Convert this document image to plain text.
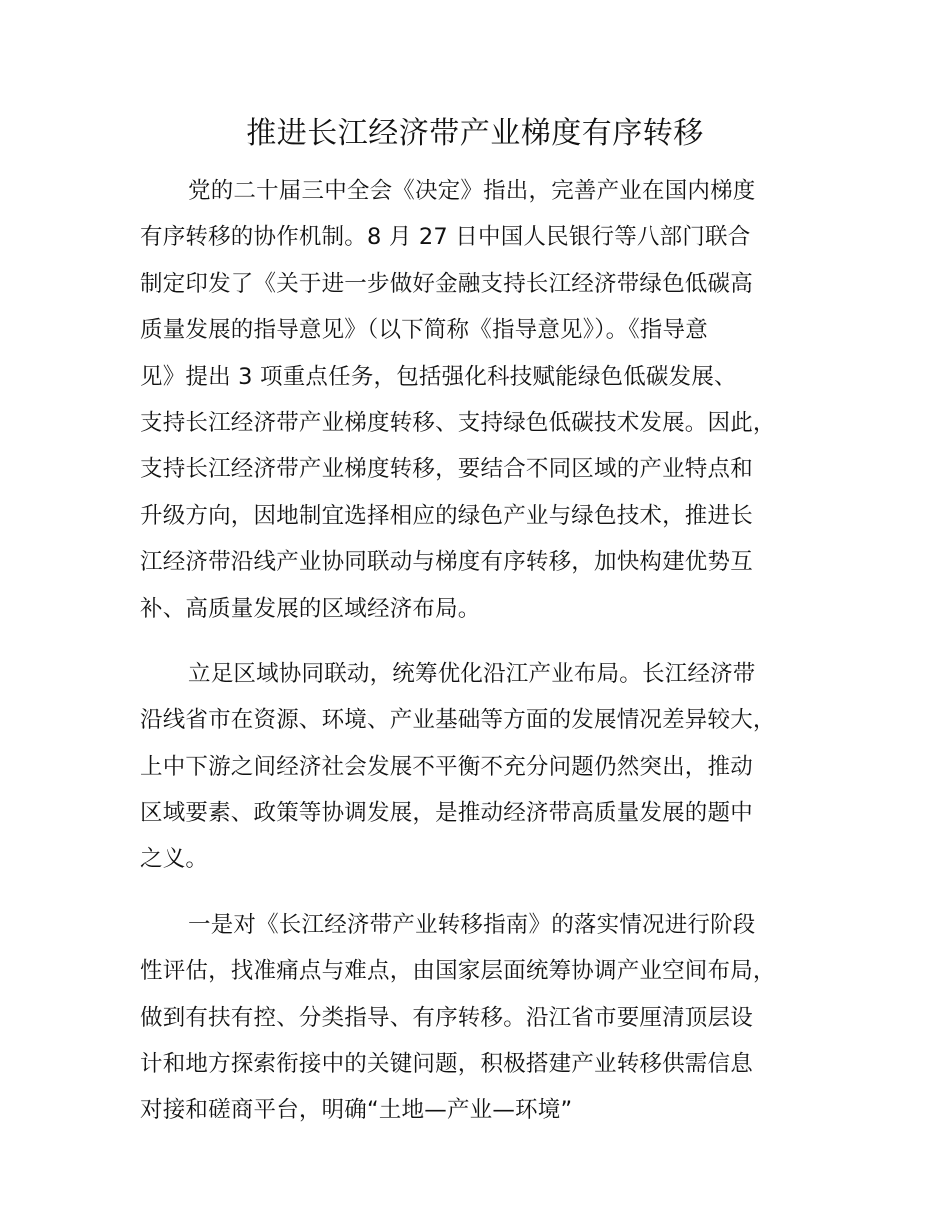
推进长江经济带产业梯度有序转移
党的二十届三中全会《决定》指出，完善产业在国内梯度
有序转移的协作机制。8 月 27 日中国人民银行等八部门联合
制定印发了《关于进一步做好金融支持长江经济带绿色低碳高
质量发展的指导意见》（以下简称《指导意见》）。《指导意
见》提出 3 项重点任务，包括强化科技赋能绿色低碳发展、
支持长江经济带产业梯度转移、支持绿色低碳技术发展。因此，
支持长江经济带产业梯度转移，要结合不同区域的产业特点和
升级方向，因地制宜选择相应的绿色产业与绿色技术，推进长
江经济带沿线产业协同联动与梯度有序转移，加快构建优势互
补、高质量发展的区域经济布局。
立足区域协同联动，统筹优化沿江产业布局。长江经济带
沿线省市在资源、环境、产业基础等方面的发展情况差异较大，
上中下游之间经济社会发展不平衡不充分问题仍然突出，推动
区域要素、政策等协调发展，是推动经济带高质量发展的题中
之义。
一是对《长江经济带产业转移指南》的落实情况进行阶段
性评估，找准痛点与难点，由国家层面统筹协调产业空间布局，
做到有扶有控、分类指导、有序转移。沿江省市要厘清顶层设
计和地方探索衔接中的关键问题，积极搭建产业转移供需信息
对接和磋商平台，明确“土地—产业—环境”
